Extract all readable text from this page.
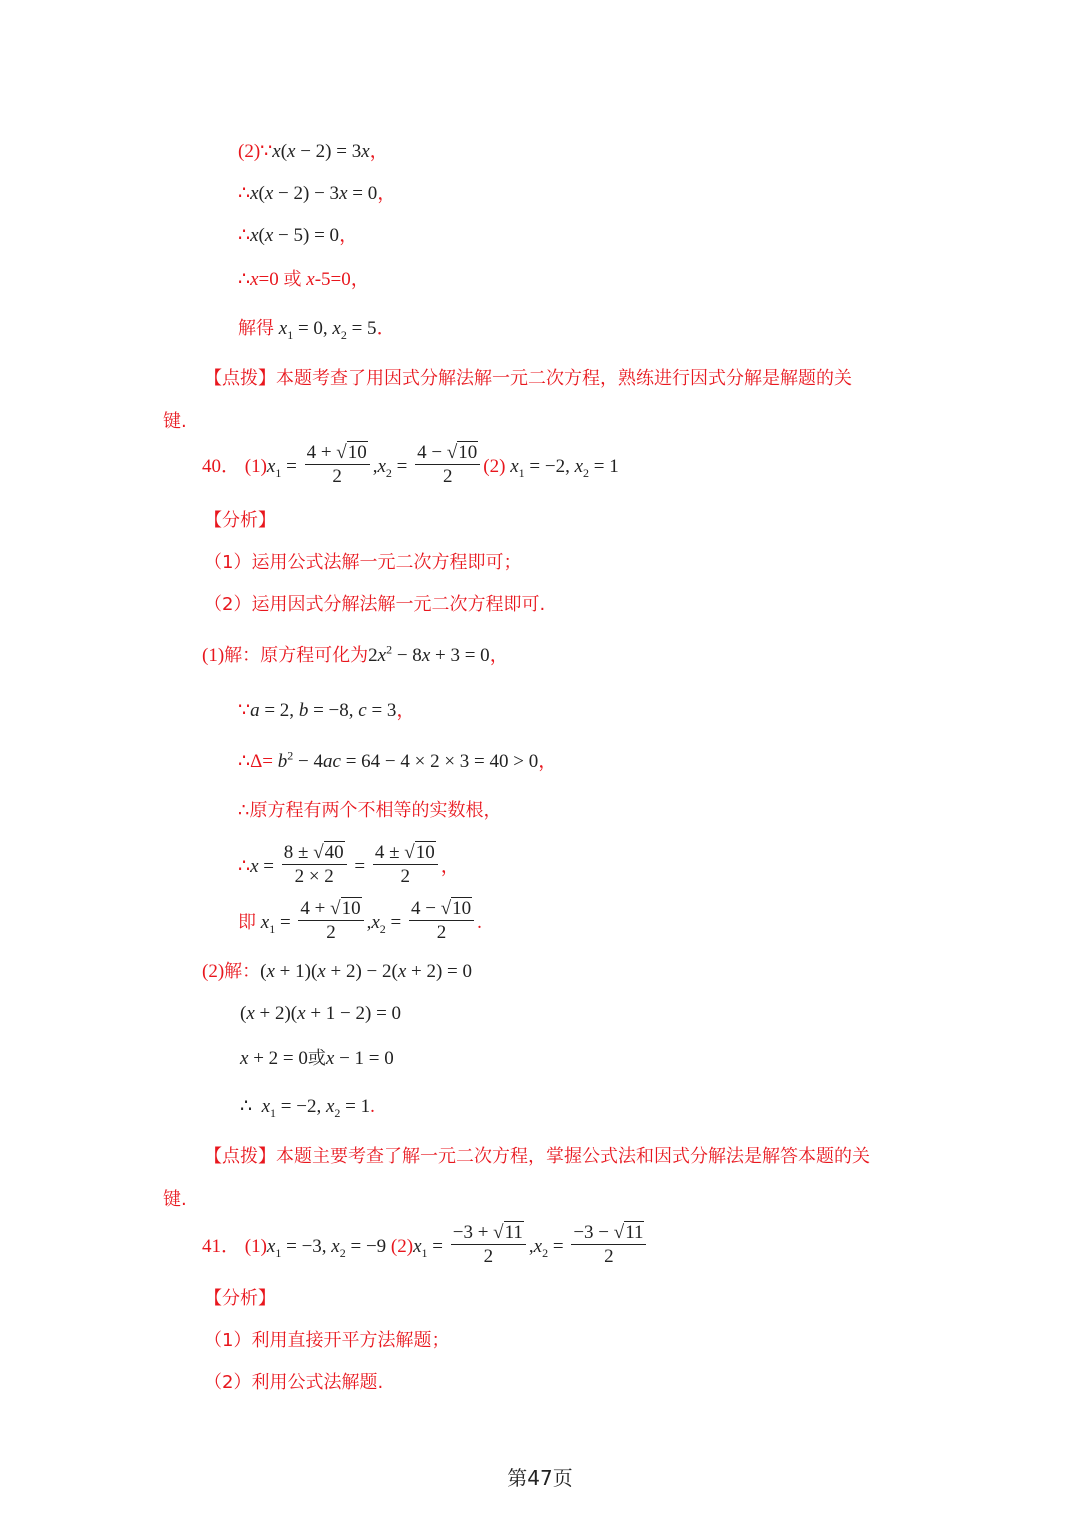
(2)∵x(x − 2) = 3x，
∴x(x − 2) − 3x = 0，
∴x(x − 5) = 0，
∴x=0 或 x-5=0，
解得 $x_1 = 0$, $x_2 = 5$．
【点拨】本题考查了用因式分解法解一元二次方程，熟练进行因式分解是解题的关
键.
40． $(1)x_1 = \frac{4 + √10}{2} ,x_2 = \frac{4 - √10}{2} (2) x_1 = -2$, $x_2 = 1$
【分析】
（1）运用公式法解一元二次方程即可；
（2）运用因式分解法解一元二次方程即可.
(1)解：原方程可化为$2x^2 - 8x + 3 = 0$，
∵a = 2, b = −8, c = 3，
∴Δ= $b^2 - 4ac = 64 - 4 \times 2 \times 3 = 40 > 0$，
∴原方程有两个不相等的实数根，
∴x = $\frac{8 \pm √40}{2 \times 2} = \frac{4 \pm √10}{2}$ ，
即 $x_1 = \frac{4 + √10}{2} ,x_2 = \frac{4 - √10}{2}$ .
(2)解：(x + 1)(x + 2) − 2(x + 2) = 0
(x + 2)(x + 1 − 2) = 0
x + 2 = 0或x − 1 = 0
∴  $x_1 = -2$, $x_2 = 1$.
【点拨】本题主要考查了解一元二次方程，掌握公式法和因式分解法是解答本题的关
键.
41． $(1)x_1 = -3$, $x_2 = -9$ $(2)x_1 = \frac{-3 + √11}{2} ,x_2 = \frac{-3 - √11}{2}$
【分析】
（1）利用直接开平方法解题；
（2）利用公式法解题.
第47页
